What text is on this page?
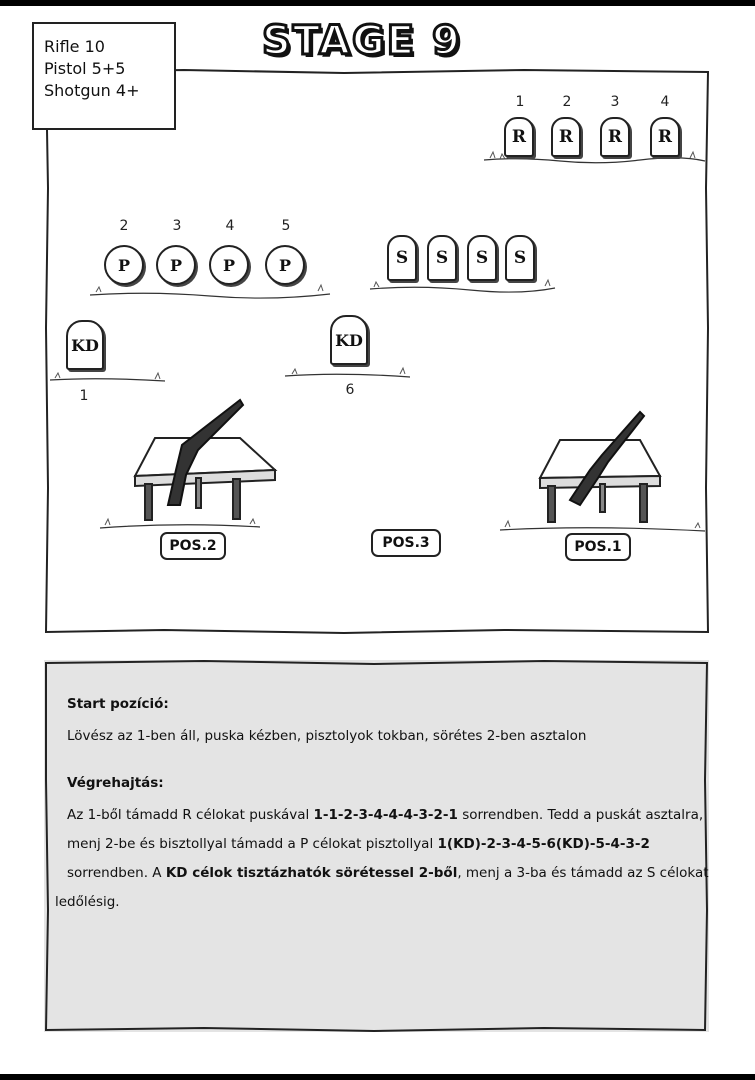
Rifle 10
Pistol 5+5
Shotgun 4+
STAGE 9
1	2	3	4
R	R	R	R
2	3	4	5
P	P	P	P	S	S	S	S
KD
1
KD
6
POS.2	POS.3	POS.1
Start pozíció:
Lövész az 1-ben áll, puska kézben, pisztolyok tokban, sörétes 2-ben asztalon
Végrehajtás:
Az 1-ből támadd R célokat puskával 1-1-2-3-4-4-4-3-2-1 sorrendben. Tedd a puskát asztalra,
menj 2-be és bisztollyal támadd a P célokat pisztollyal 1(KD)-2-3-4-5-6(KD)-5-4-3-2
sorrendben. A KD célok tisztázhatók sörétessel 2-ből, menj a 3-ba és támadd az S célokat
ledőlésig.
